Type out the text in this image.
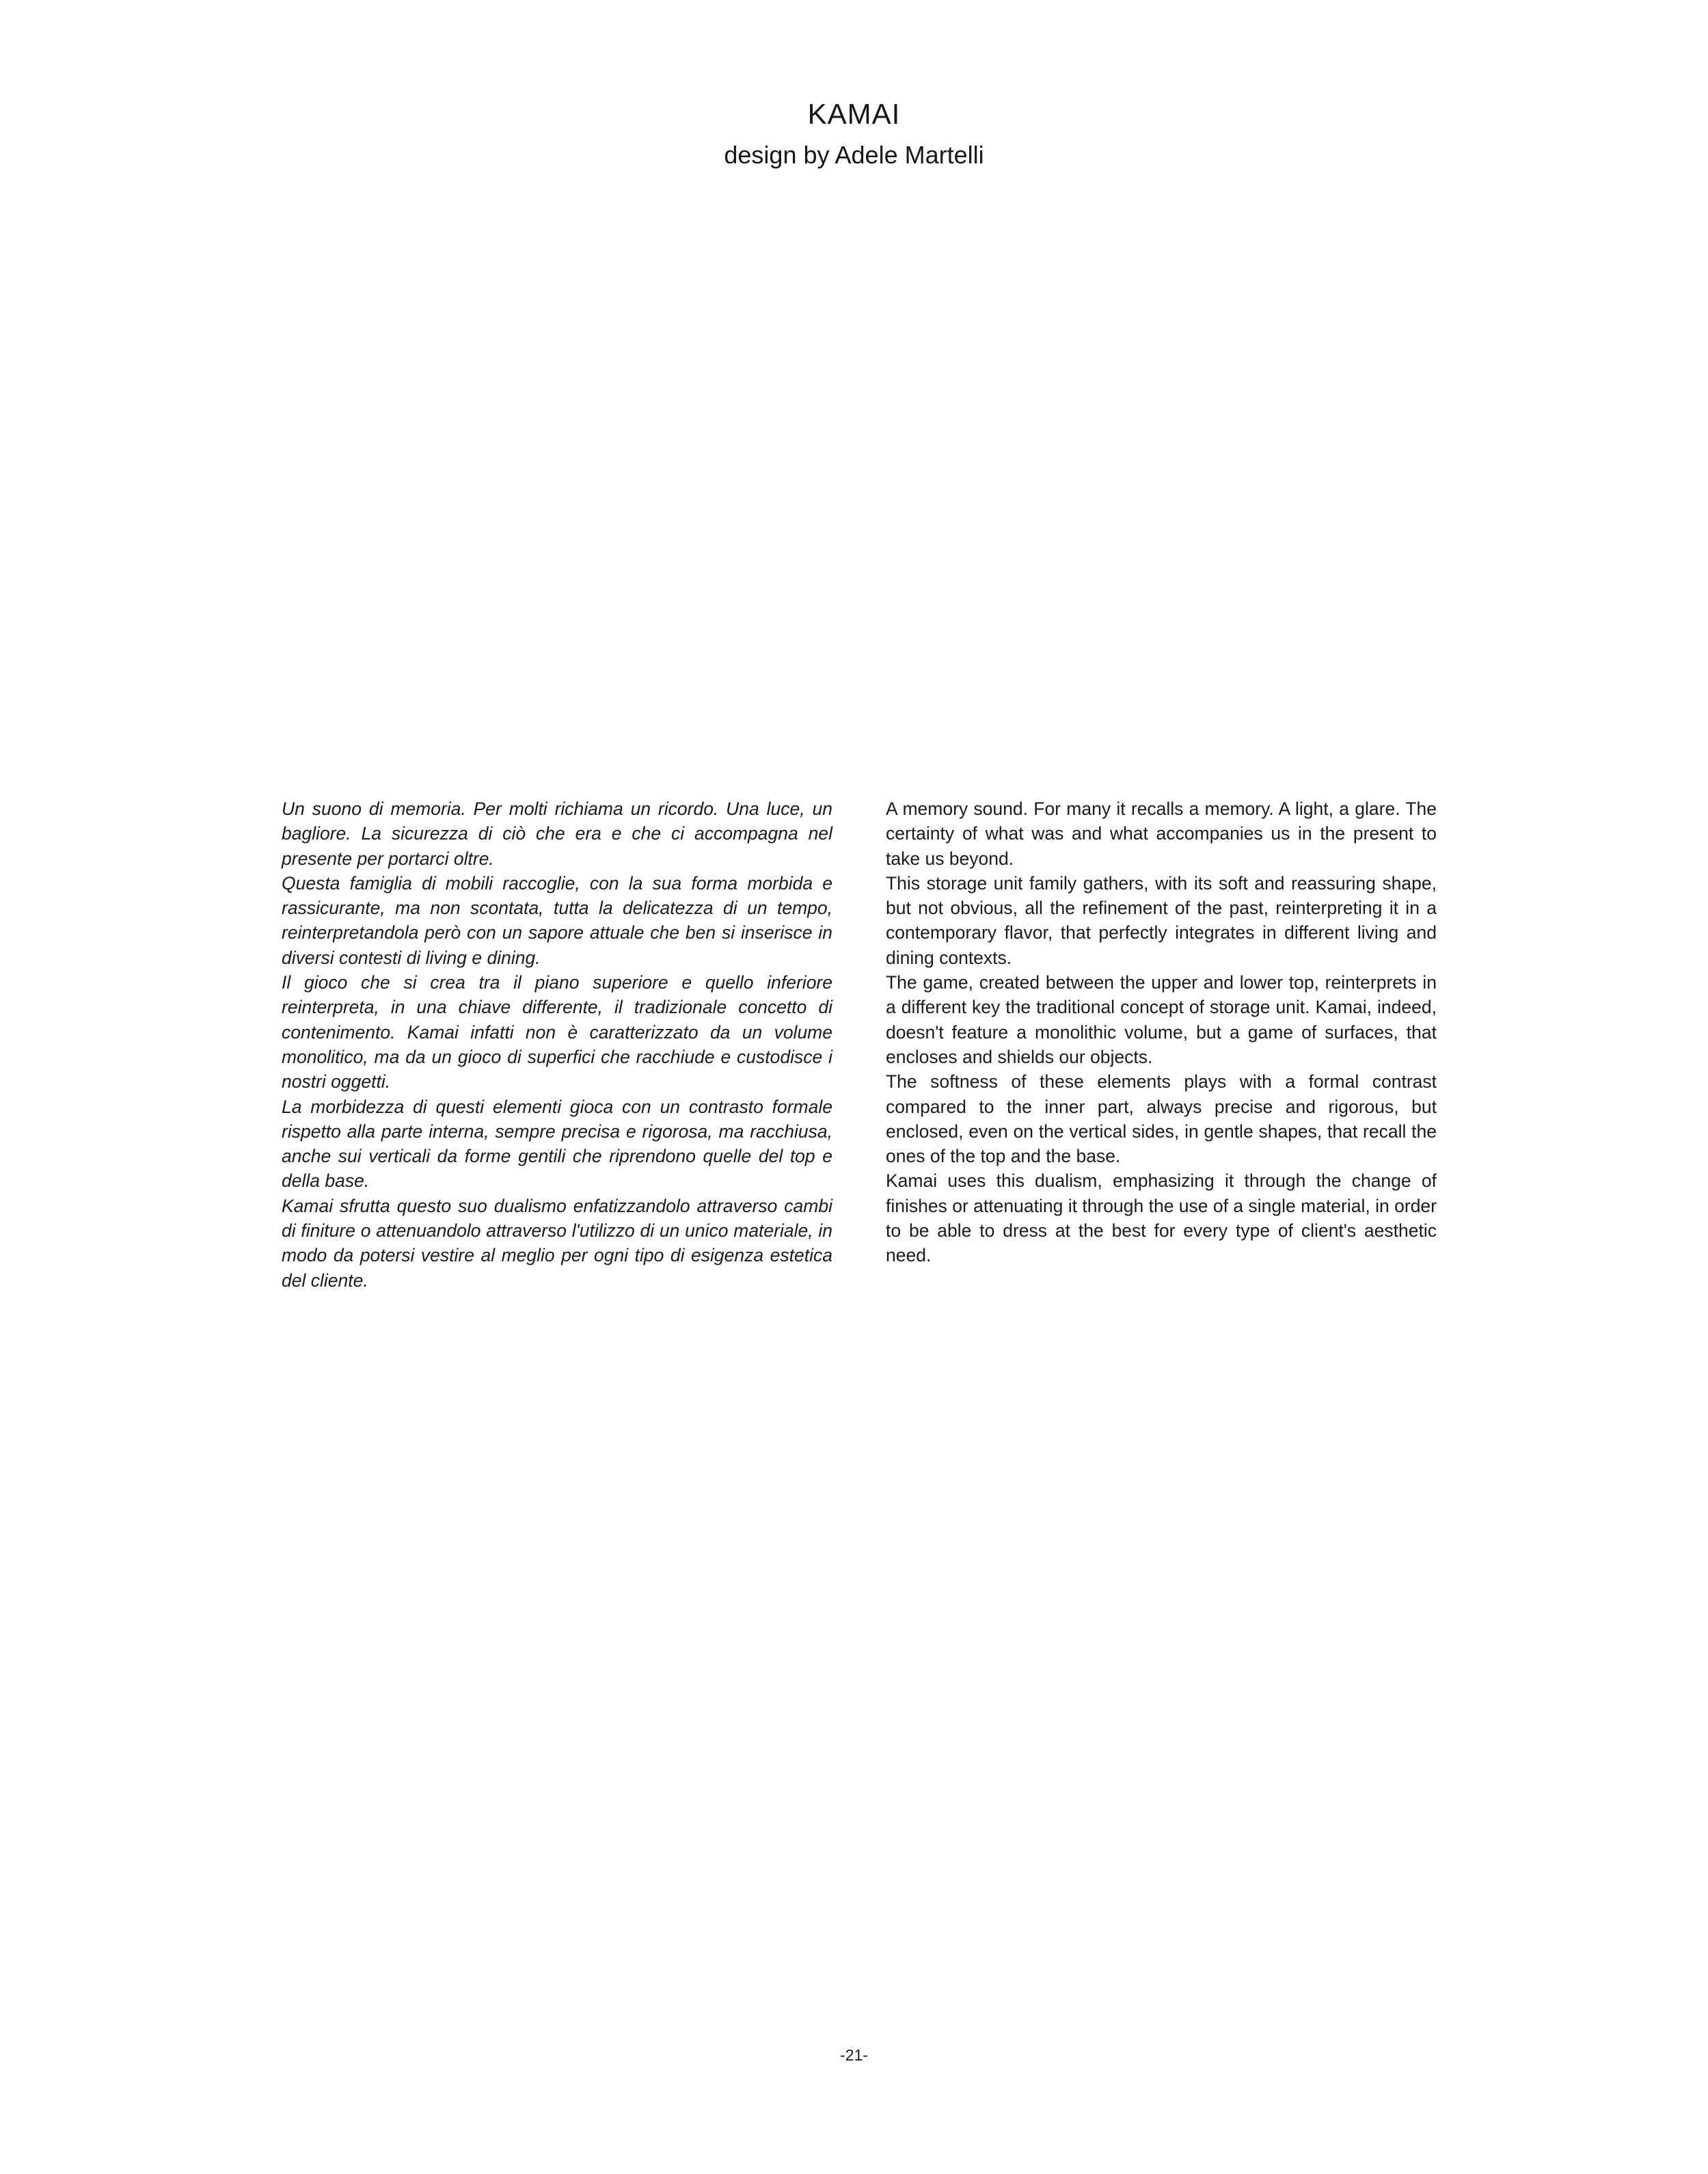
KAMAI
design by Adele Martelli

Un suono di memoria. Per molti richiama un ricordo. Una luce, un bagliore. La sicurezza di ciò che era e che ci accompagna nel presente per portarci oltre.

Questa famiglia di mobili raccoglie, con la sua forma morbida e rassicurante, ma non scontata, tutta la delicatezza di un tempo, reinterpretandola però con un sapore attuale che ben si inserisce in diversi contesti di living e dining.

Il gioco che si crea tra il piano superiore e quello inferiore reinterpreta, in una chiave differente, il tradizionale concetto di contenimento. Kamai infatti non è caratterizzato da un volume monolitico, ma da un gioco di superfici che racchiude e custodisce i nostri oggetti.

La morbidezza di questi elementi gioca con un contrasto formale rispetto alla parte interna, sempre precisa e rigorosa, ma racchiusa, anche sui verticali da forme gentili che riprendono quelle del top e della base.

Kamai sfrutta questo suo dualismo enfatizzandolo attraverso cambi di finiture o attenuandolo attraverso l'utilizzo di un unico materiale, in modo da potersi vestire al meglio per ogni tipo di esigenza estetica del cliente.

A memory sound. For many it recalls a memory. A light, a glare. The certainty of what was and what accompanies us in the present to take us beyond.

This storage unit family gathers, with its soft and reassuring shape, but not obvious, all the refinement of the past, reinterpreting it in a contemporary flavor, that perfectly integrates in different living and dining contexts.

The game, created between the upper and lower top, reinterprets in a different key the traditional concept of storage unit. Kamai, indeed, doesn't feature a monolithic volume, but a game of surfaces, that encloses and shields our objects.

The softness of these elements plays with a formal contrast compared to the inner part, always precise and rigorous, but enclosed, even on the vertical sides, in gentle shapes, that recall the ones of the top and the base.

Kamai uses this dualism, emphasizing it through the change of finishes or attenuating it through the use of a single material, in order to be able to dress at the best for every type of client's aesthetic need.

-21-
